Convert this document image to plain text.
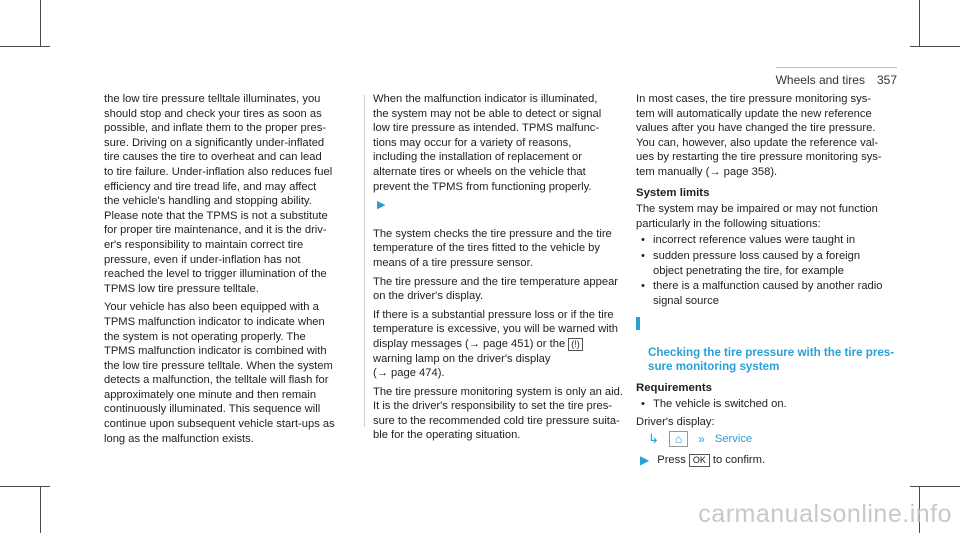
Wheels and tires 357

the low tire pressure telltale illuminates, you
should stop and check your tires as soon as
possible, and inflate them to the proper pres-
sure. Driving on a significantly under-inflated
tire causes the tire to overheat and can lead
to tire failure. Under-inflation also reduces fuel
efficiency and tire tread life, and may affect
the vehicle's handling and stopping ability.
Please note that the TPMS is not a substitute
for proper tire maintenance, and it is the driv-
er's responsibility to maintain correct tire
pressure, even if under-inflation has not
reached the level to trigger illumination of the
TPMS low tire pressure telltale.

Your vehicle has also been equipped with a
TPMS malfunction indicator to indicate when
the system is not operating properly. The
TPMS malfunction indicator is combined with
the low tire pressure telltale. When the system
detects a malfunction, the telltale will flash for
approximately one minute and then remain
continuously illuminated. This sequence will
continue upon subsequent vehicle start-ups as
long as the malfunction exists.

When the malfunction indicator is illuminated,
the system may not be able to detect or signal
low tire pressure as intended. TPMS malfunc-
tions may occur for a variety of reasons,
including the installation of replacement or
alternate tires or wheels on the vehicle that
prevent the TPMS from functioning properly.

▶

The system checks the tire pressure and the tire
temperature of the tires fitted to the vehicle by
means of a tire pressure sensor.

The tire pressure and the tire temperature appear
on the driver's display.

If there is a substantial pressure loss or if the tire
temperature is excessive, you will be warned with
display messages (→ page 451) or the (!)
warning lamp on the driver's display
(→ page 474).

The tire pressure monitoring system is only an aid.
It is the driver's responsibility to set the tire pres-
sure to the recommended cold tire pressure suita-
ble for the operating situation.

In most cases, the tire pressure monitoring sys-
tem will automatically update the new reference
values after you have changed the tire pressure.
You can, however, also update the reference val-
ues by restarting the tire pressure monitoring sys-
tem manually (→ page 358).

System limits

The system may be impaired or may not function
particularly in the following situations:

• incorrect reference values were taught in
• sudden pressure loss caused by a foreign
object penetrating the tire, for example
• there is a malfunction caused by another radio
signal source

Checking the tire pressure with the tire pres-
sure monitoring system

Requirements
• The vehicle is switched on.

Driver's display:

↳	⌂	» Service
▶ Press OK to confirm.
carmanualsonline.info
